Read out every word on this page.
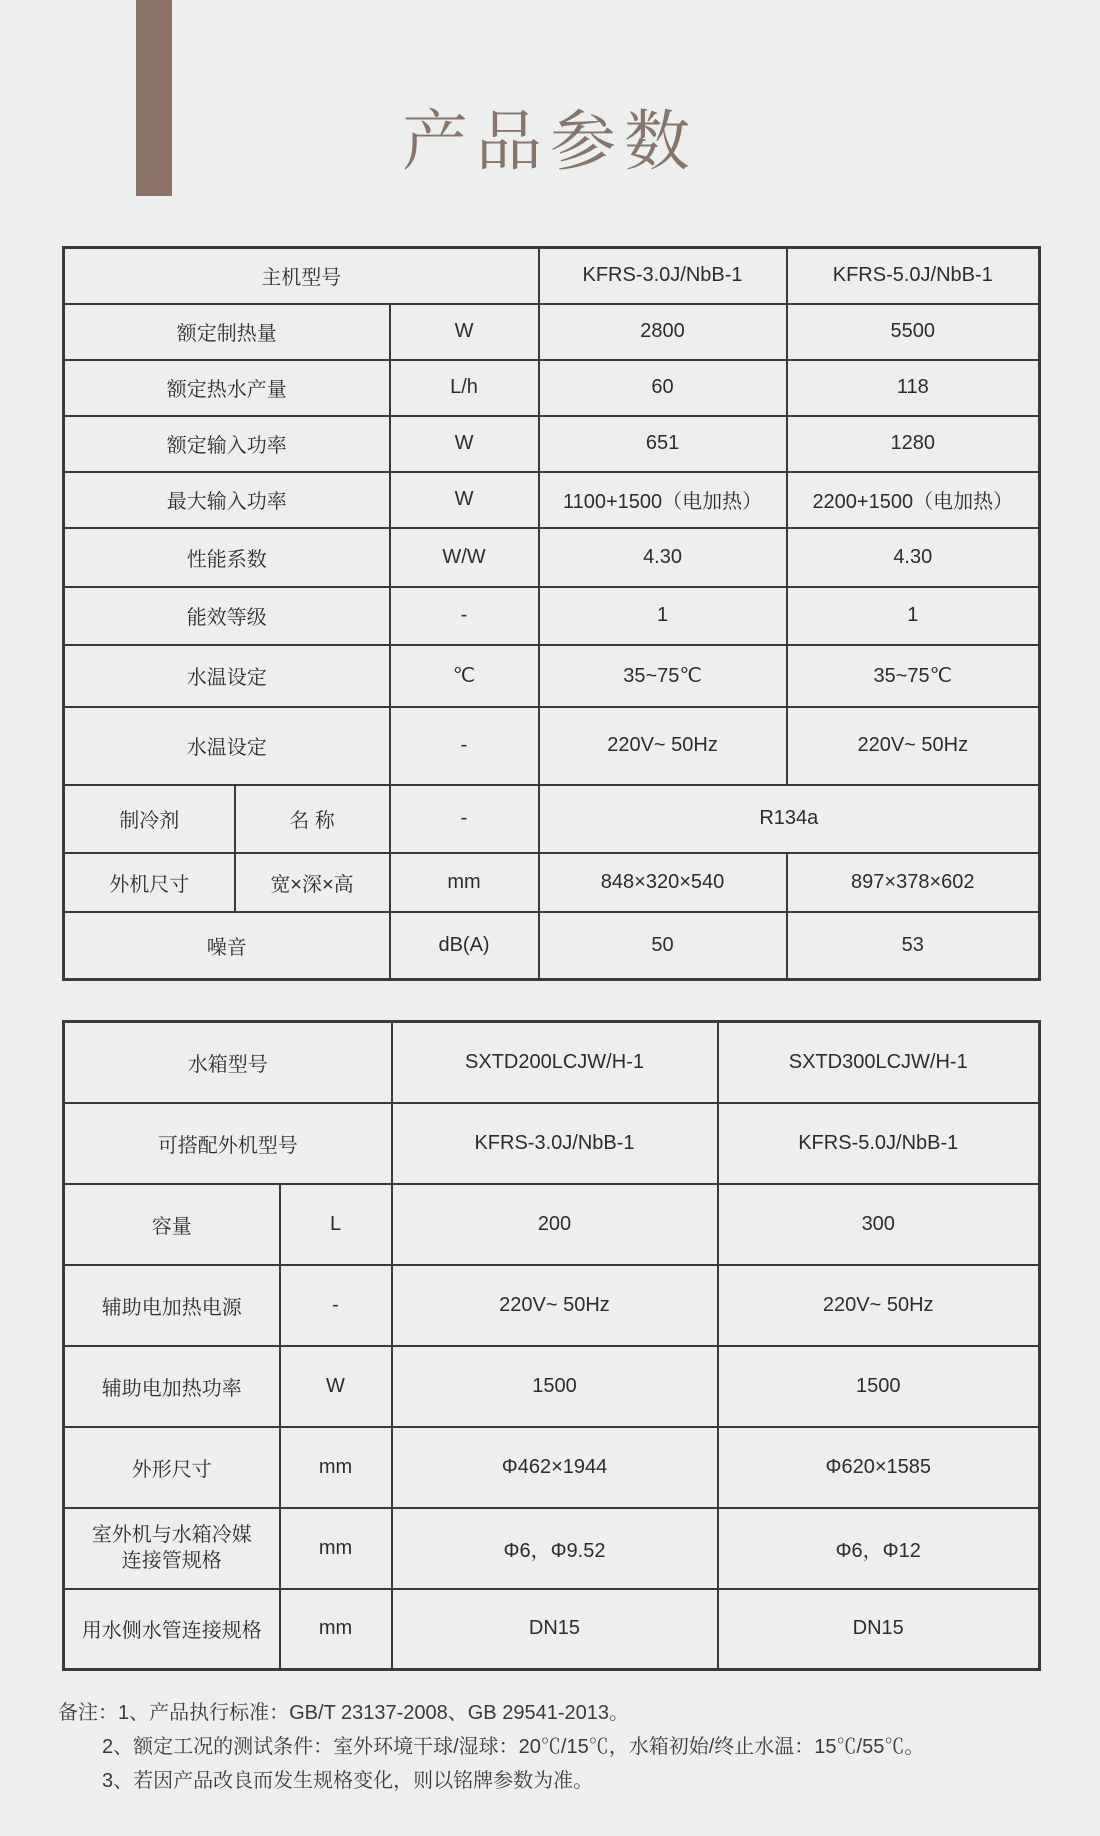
产品参数
主机型号			KFRS-3.0J/NbB-1	KFRS-5.0J/NbB-1
额定制热量		W	2800	5500
额定热水产量		L/h	60	118
额定输入功率		W	651	1280
最大输入功率		W	1100+1500（电加热）	2200+1500（电加热）
性能系数		W/W	4.30	4.30
能效等级		-	1	1
水温设定		℃	35~75℃	35~75℃
水温设定		-	220V~ 50Hz	220V~ 50Hz
制冷剂	名 称	-	R134a	
外机尺寸	宽×深×高	mm	848×320×540	897×378×602
噪音		dB(A)	50	53
水箱型号		SXTD200LCJW/H-1	SXTD300LCJW/H-1
可搭配外机型号		KFRS-3.0J/NbB-1	KFRS-5.0J/NbB-1
容量	L	200	300
辅助电加热电源	-	220V~ 50Hz	220V~ 50Hz
辅助电加热功率	W	1500	1500
外形尺寸	mm	Φ462×1944	Φ620×1585

室外机与水箱冷媒
连接管规格	mm	Φ6，Φ9.52	Φ6，Φ12
用水侧水管连接规格	mm	DN15	DN15
备注：1、产品执行标准：GB/T 23137-2008、GB 29541-2013。
2、额定工况的测试条件：室外环境干球/湿球：20℃/15℃，水箱初始/终止水温：15℃/55℃。
3、若因产品改良而发生规格变化，则以铭牌参数为准。
